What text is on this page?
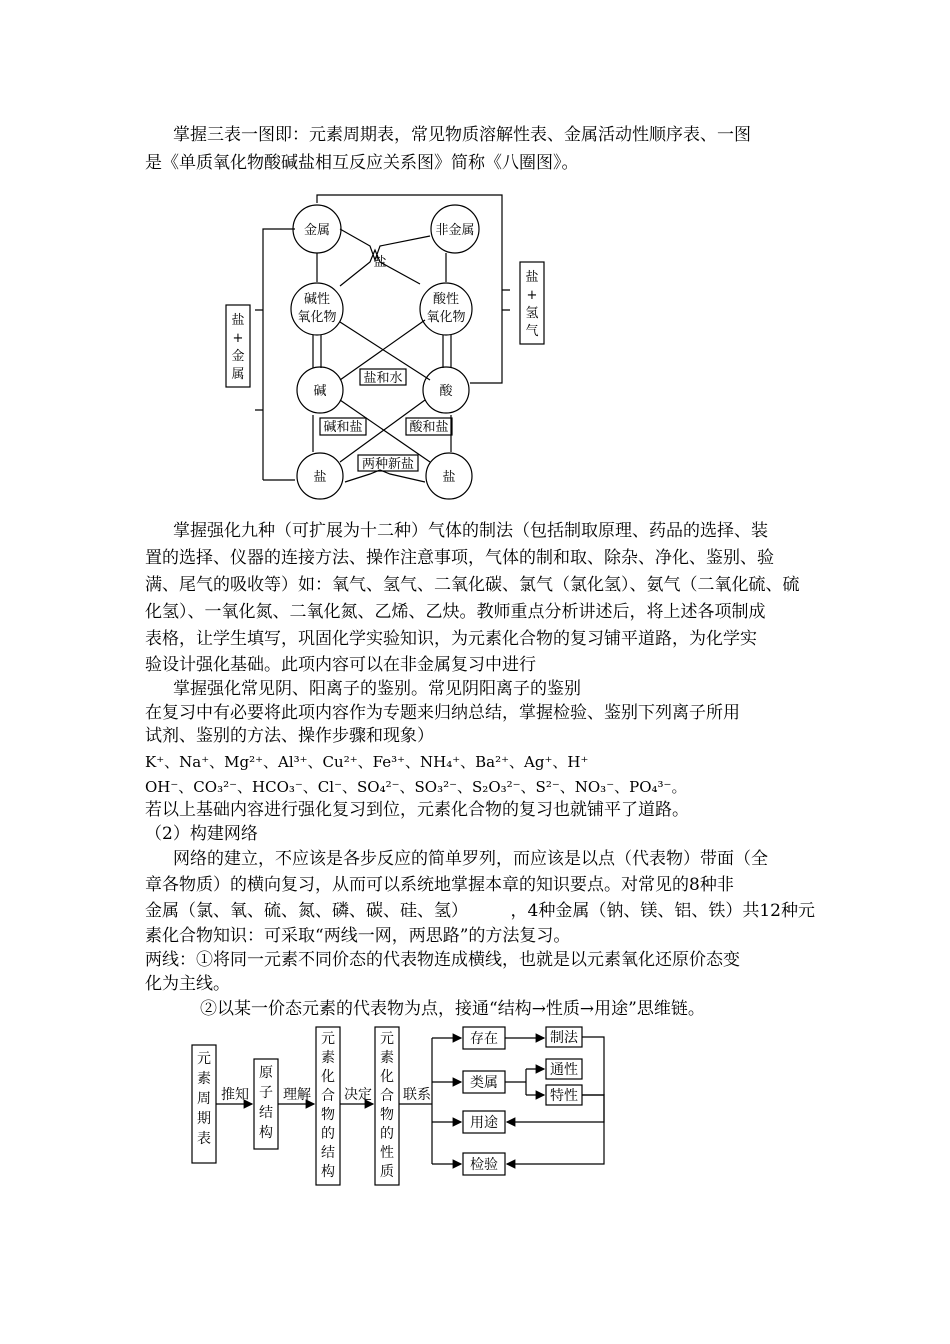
掌握三表一图即：元素周期表，常见物质溶解性表、金属活动性顺序表、一图
是《单质氧化物酸碱盐相互反应关系图》简称《八圈图》。
金属	非金属
盐
碱性
氧化物
酸性
氧化物
碱	酸
盐和水
碱和盐	酸和盐
两种新盐
盐	盐
盐
+
金
属
盐
+
氢
气
掌握强化九种（可扩展为十二种）气体的制法（包括制取原理、药品的选择、装
置的选择、仪器的连接方法、操作注意事项，气体的制和取、除杂、净化、鉴别、验
满、尾气的吸收等）如：氧气、氢气、二氧化碳、氯气（氯化氢）、氨气（二氧化硫、硫
化氢）、一氧化氮、二氧化氮、乙烯、乙炔。教师重点分析讲述后，将上述各项制成
表格，让学生填写，巩固化学实验知识，为元素化合物的复习铺平道路，为化学实
验设计强化基础。此项内容可以在非金属复习中进行
掌握强化常见阴、阳离子的鉴别。常见阴阳离子的鉴别
在复习中有必要将此项内容作为专题来归纳总结，掌握检验、鉴别下列离子所用
试剂、鉴别的方法、操作步骤和现象）
K⁺、Na⁺、Mg²⁺、Al³⁺、Cu²⁺、Fe³⁺、NH₄⁺、Ba²⁺、Ag⁺、H⁺
OH⁻、CO₃²⁻、HCO₃⁻、Cl⁻、SO₄²⁻、SO₃²⁻、S₂O₃²⁻、S²⁻、NO₃⁻、PO₄³⁻。
若以上基础内容进行强化复习到位，元素化合物的复习也就铺平了道路。
（2）构建网络
网络的建立，不应该是各步反应的简单罗列，而应该是以点（代表物）带面（全
章各物质）的横向复习，从而可以系统地掌握本章的知识要点。对常见的8种非
金属（氯、氧、硫、氮、磷、碳、硅、氢）　　　，4种金属（钠、镁、铝、铁）共12种元
素化合物知识：可采取“两线一网，两思路”的方法复习。
两线：①将同一元素不同价态的代表物连成横线，也就是以元素氧化还原价态变
化为主线。
②以某一价态元素的代表物为点，接通“结构→性质→用途”思维链。
元
素
周
期
表
推知
原
子
结
构
理解
元
素
化
合
物
的
结
构
决定
元
素
化
合
物
的
性
质
联系
存在
类属
用途
检验
制法
通性
特性
